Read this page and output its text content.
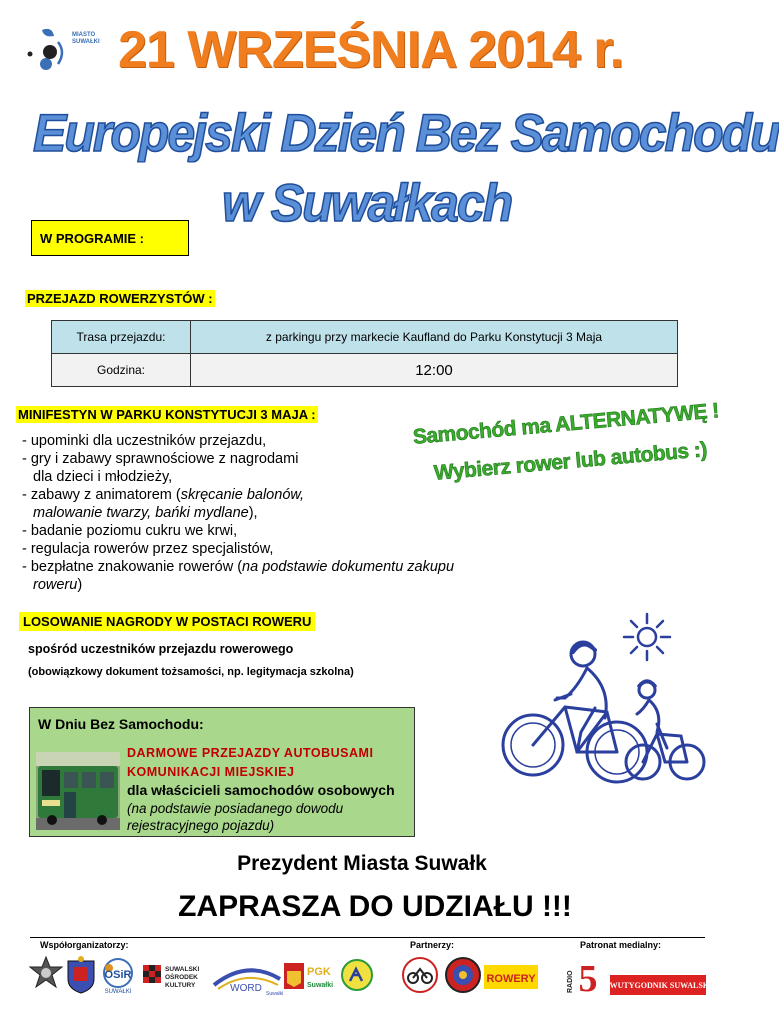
MIASTO
SUWAŁKI 21 WRZEŚNIA 2014 r.
Europejski Dzień Bez Samochodu
w Suwałkach
W PROGRAMIE :
PRZEJAZD ROWERZYSTÓW :
Trasa przejazdu:	z parkingu przy markecie Kaufland do Parku Konstytucji 3 Maja
Godzina:	12:00
MINIFESTYN W PARKU KONSTYTUCJI 3 MAJA :
- upominki dla uczestników przejazdu,
- gry i zabawy sprawnościowe z nagrodami
dla dzieci i młodzieży,
- zabawy z animatorem (skręcanie balonów,
malowanie twarzy, bańki mydlane),
- badanie poziomu cukru we krwi,
- regulacja rowerów przez specjalistów,
- bezpłatne znakowanie rowerów (na podstawie dokumentu zakupu
roweru)
Samochód ma ALTERNATYWĘ !
Wybierz rower lub autobus :)
LOSOWANIE NAGRODY W POSTACI ROWERU
spośród uczestników przejazdu rowerowego
(obowiązkowy dokument tożsamości, np. legitymacja szkolna)
W Dniu Bez Samochodu:
DARMOWE PRZEJAZDY AUTOBUSAMI
KOMUNIKACJI MIEJSKIEJ
dla właścicieli samochodów osobowych
(na podstawie posiadanego dowodu
rejestracyjnego pojazdu)
Prezydent Miasta Suwałk
ZAPRASZA DO UDZIAŁU !!!
Współorganizatorzy:	Partnerzy:	Patronat medialny:
OSiR
SUWAŁKI
SUWALSKI
OŚRODEK
KULTURY	WORD Suwałki
PGK
Suwałki
ROWERY	RADIO 5 DWUTYGODNIK SUWALSKI
